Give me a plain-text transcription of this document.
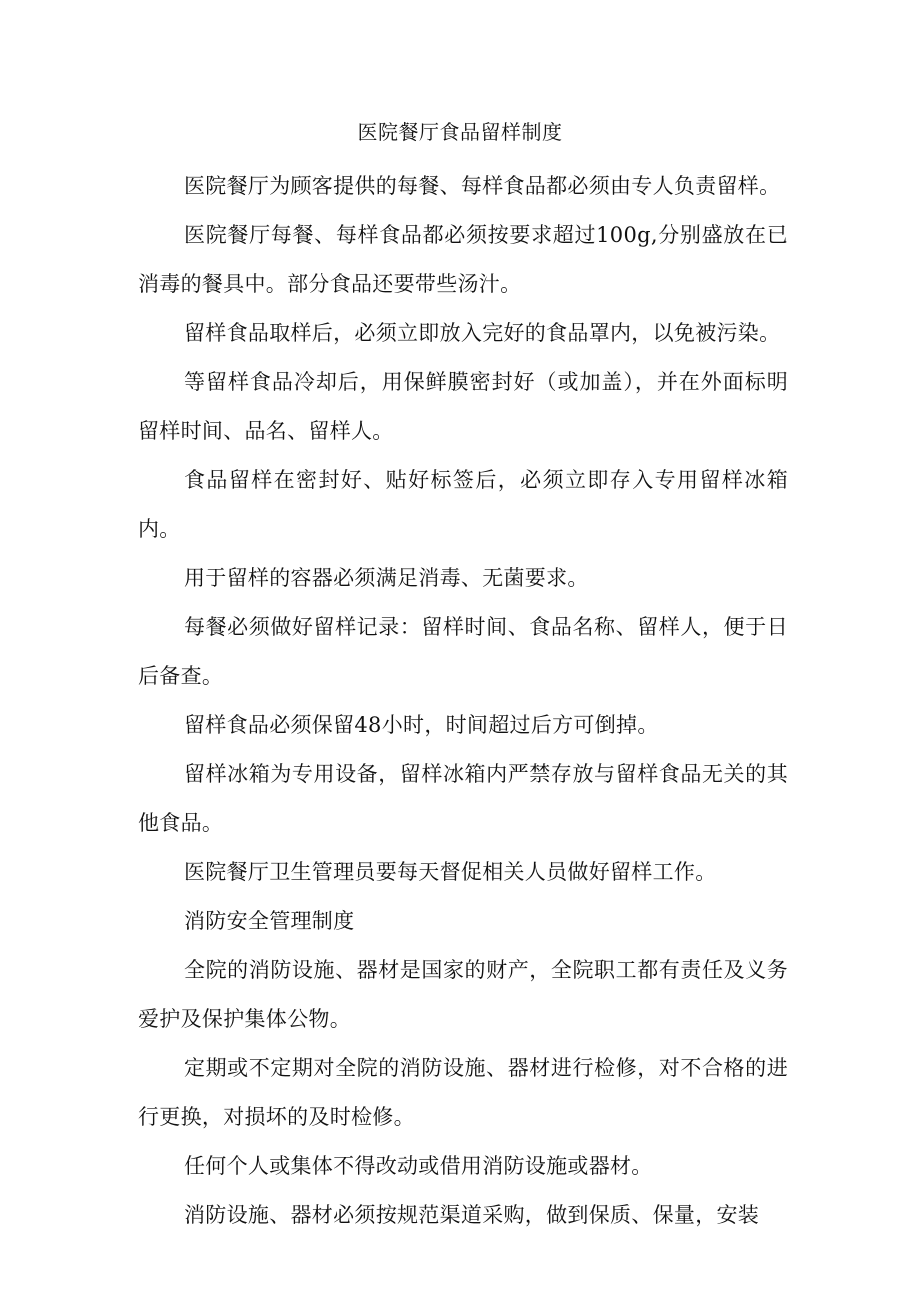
医院餐厅食品留样制度

医院餐厅为顾客提供的每餐、每样食品都必须由专人负责留样。

医院餐厅每餐、每样食品都必须按要求超过100g,分别盛放在已消毒的餐具中。部分食品还要带些汤汁。

留样食品取样后，必须立即放入完好的食品罩内，以免被污染。

等留样食品冷却后，用保鲜膜密封好（或加盖），并在外面标明留样时间、品名、留样人。

食品留样在密封好、贴好标签后，必须立即存入专用留样冰箱内。

用于留样的容器必须满足消毒、无菌要求。

每餐必须做好留样记录：留样时间、食品名称、留样人，便于日后备查。

留样食品必须保留48小时，时间超过后方可倒掉。

留样冰箱为专用设备，留样冰箱内严禁存放与留样食品无关的其他食品。

医院餐厅卫生管理员要每天督促相关人员做好留样工作。

消防安全管理制度

全院的消防设施、器材是国家的财产，全院职工都有责任及义务爱护及保护集体公物。

定期或不定期对全院的消防设施、器材进行检修，对不合格的进行更换，对损坏的及时检修。

任何个人或集体不得改动或借用消防设施或器材。

消防设施、器材必须按规范渠道采购，做到保质、保量，安装
